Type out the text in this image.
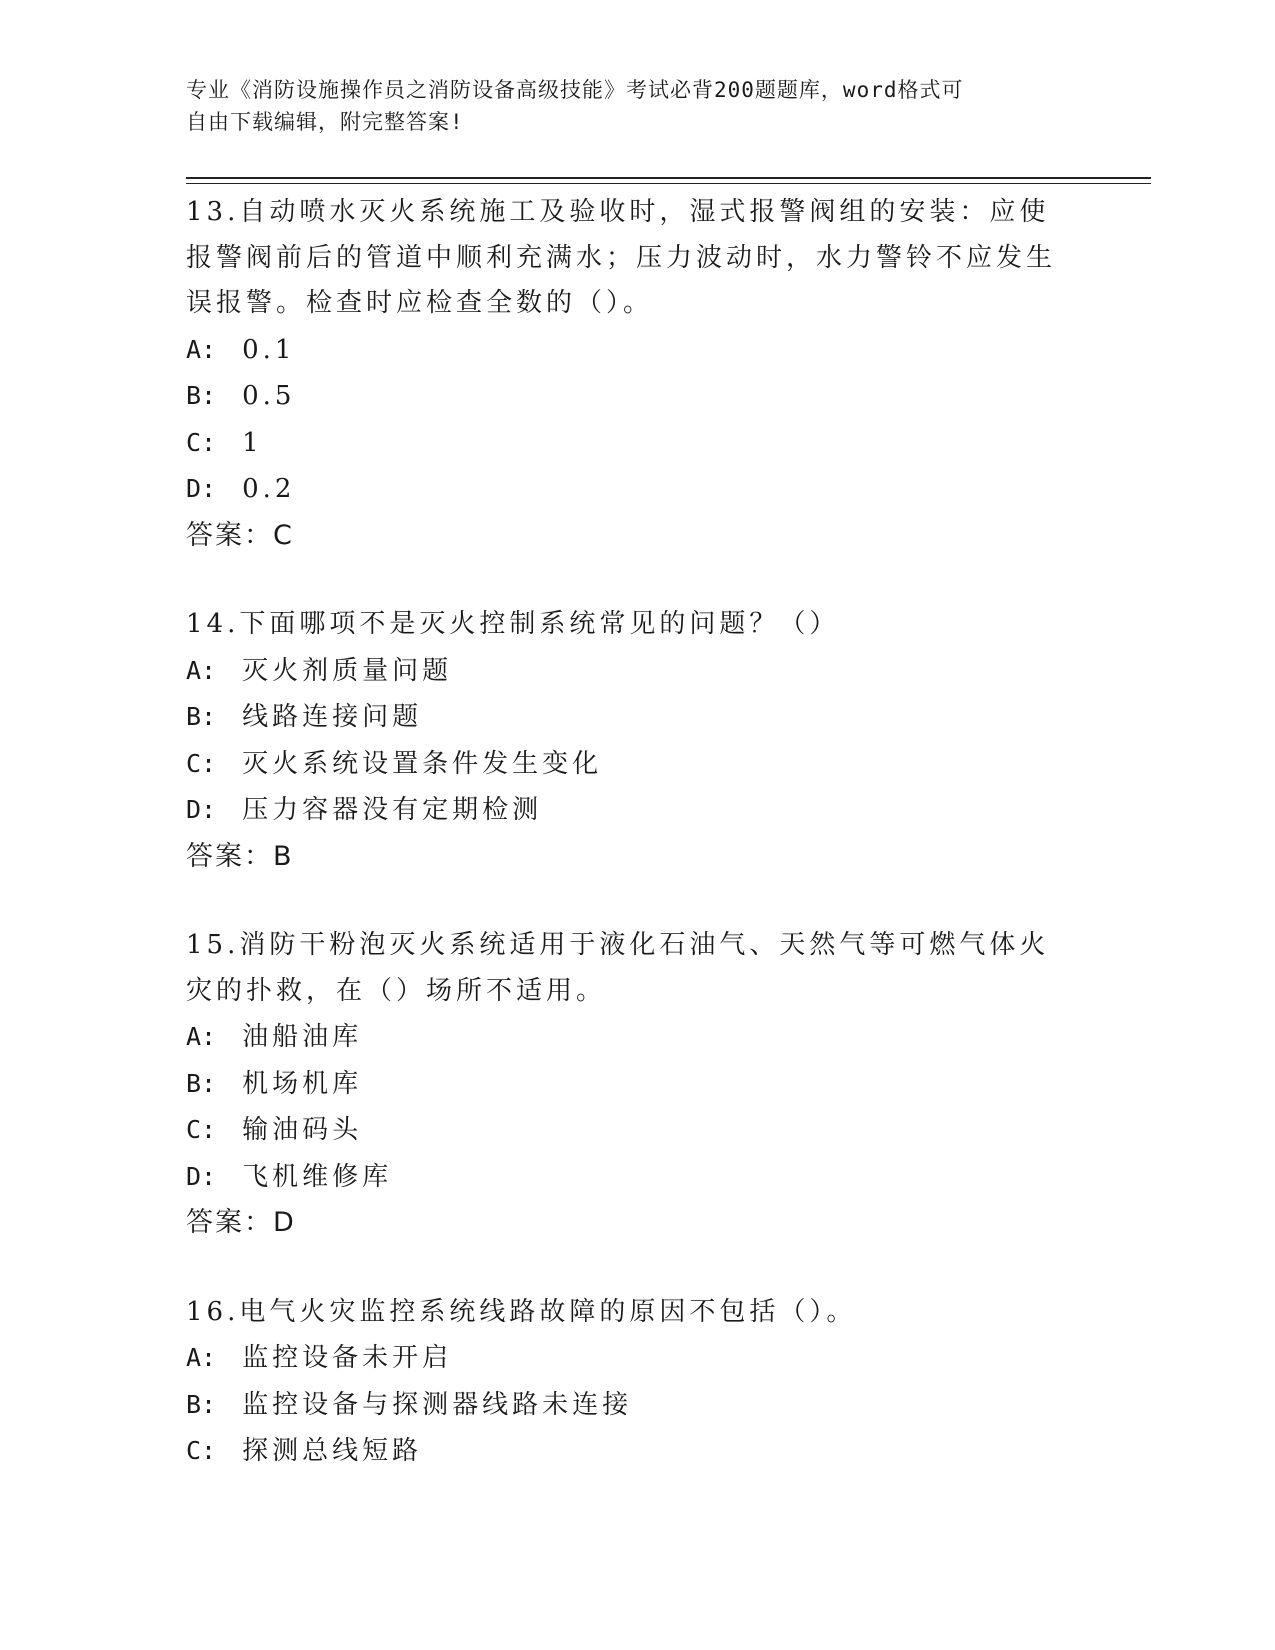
专业《消防设施操作员之消防设备高级技能》考试必背200题题库，word格式可
自由下载编辑，附完整答案!

13.自动喷水灭火系统施工及验收时，湿式报警阀组的安装：应使报警阀前后的管道中顺利充满水；压力波动时，水力警铃不应发生误报警。检查时应检查全数的（）。

A: 0.1

B: 0.5

C: 1

D: 0.2

答案：C

14.下面哪项不是灭火控制系统常见的问题？（）

A: 灭火剂质量问题

B: 线路连接问题

C: 灭火系统设置条件发生变化

D: 压力容器没有定期检测

答案：B

15.消防干粉泡灭火系统适用于液化石油气、天然气等可燃气体火灾的扑救，在（）场所不适用。

A: 油船油库

B: 机场机库

C: 输油码头

D: 飞机维修库

答案：D

16.电气火灾监控系统线路故障的原因不包括（）。

A: 监控设备未开启

B: 监控设备与探测器线路未连接

C: 探测总线短路
